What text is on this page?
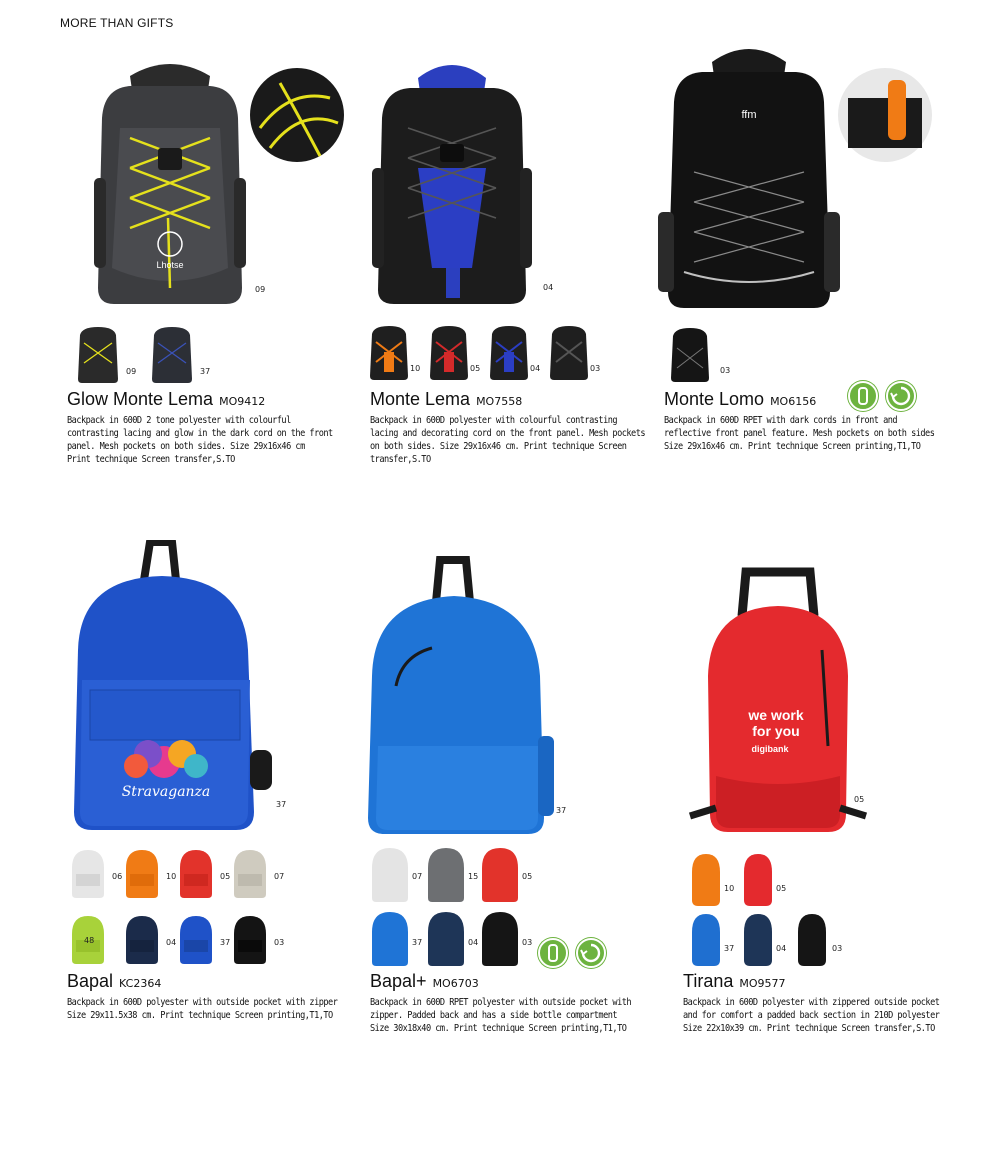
MORE THAN GIFTS
Lhotse
09
09	37
Glow Monte Lema MO9412
Backpack in 600D 2 tone polyester with colourful
contrasting lacing and glow in the dark cord on the front
panel. Mesh pockets on both sides. Size 29x16x46 cm
Print technique Screen transfer,S.TO
04
10	05	04	03
Monte Lema MO7558
Backpack in 600D polyester with colourful contrasting
lacing and decorating cord on the front panel. Mesh pockets
on both sides. Size 29x16x46 cm. Print technique Screen
transfer,S.TO
ffm
03
Monte Lomo MO6156
Backpack in 600D RPET with dark cords in front and
reflective front panel feature. Mesh pockets on both sides
Size 29x16x46 cm. Print technique Screen printing,T1,TO
Stravaganza
37
06	10	05	07
48	04	37	03
Bapal KC2364
Backpack in 600D polyester with outside pocket with zipper
Size 29x11.5x38 cm. Print technique Screen printing,T1,TO
37
07	15	05
37	04	03
Bapal+ MO6703
Backpack in 600D RPET polyester with outside pocket with
zipper. Padded back and has a side bottle compartment
Size 30x18x40 cm. Print technique Screen printing,T1,TO
we work
for you
digibank
05
10	05
37	04	03
Tirana MO9577
Backpack in 600D polyester with zippered outside pocket
and for comfort a padded back section in 210D polyester
Size 22x10x39 cm. Print technique Screen transfer,S.TO
